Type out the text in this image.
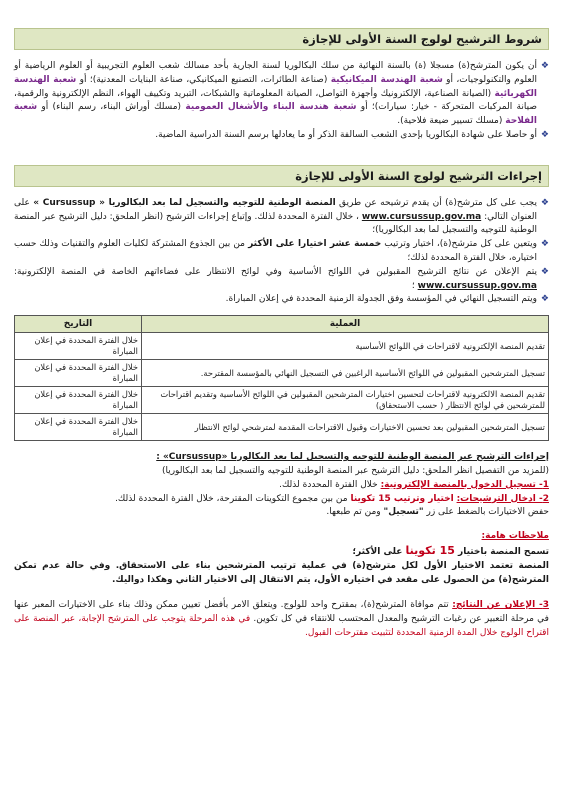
شروط الترشيح لولوج السنة الأولى للإجازة

❖
أن يكون المترشح(ة) مسجلا (ة) بالسنة النهائية من سلك البكالوريا لسنة الجارية بأحد مسالك شعب العلوم التجريبية أو العلوم الرياضية أو العلوم والتكنولوجيات، أو شعبة الهندسة الميكانيكية (صناعة الطائرات، التصنيع الميكانيكي، صناعة البنايات المعدنية)؛ أو شعبة الهندسة الكهربائية (الصيانة الصناعية، الإلكترونيك وأجهزة التواصل، الصيانة المعلوماتية والشبكات، التبريد وتكييف الهواء، النظم الإلكترونية والرقمية، صيانة المركبات المتحركة - خيار: سيارات)؛ أو شعبة هندسة البناء والأشغال العمومية (مسلك أوراش البناء، رسم البناء) أو شعبة الفلاحة (مسلك تسيير ضيعة فلاحية).

❖
أو حاصلا على شهادة البكالوريا بإحدى الشعب السالفة الذكر أو ما يعادلها برسم السنة الدراسية الماضية.

إجراءات الترشيح لولوج السنة الأولى للإجازة

❖
يجب على كل مترشح(ة) أن يقدم ترشيحه عن طريق المنصة الوطنية للتوجيه والتسجيل لما بعد البكالوريا « Cursussup » على العنوان التالي: www.cursussup.gov.ma ، خلال الفترة المحددة لذلك. وإتباع إجراءات الترشيح (انظر الملحق: دليل الترشيح عبر المنصة الوطنية للتوجيه والتسجيل لما بعد البكالوريا)؛

❖
ويتعين على كل مترشح(ة)، اختيار وترتيب خمسة عشر اختيارا على الأكثر من بين الجذوع المشتركة لكليات العلوم والتقنيات وذلك حسب اختياره، خلال الفترة المحددة لذلك؛

❖
يتم الإعلان عن نتائج الترشيح المقبولين في اللوائح الأساسية وفي لوائح الانتظار على فضاءاتهم الخاصة في المنصة الإلكترونية: www.cursussup.gov.ma ؛

❖
ويتم التسجيل النهائي في المؤسسة وفق الجدولة الزمنية المحددة في إعلان المباراة.

العملية	التاريخ
تقديم المنصة الإلكترونية لاقتراحات في اللوائح الأساسية	خلال الفترة المحددة في إعلان المباراة
تسجيل المترشحين المقبولين في اللوائح الأساسية الراغبين في التسجيل النهائي بالمؤسسة المقترحة.	خلال الفترة المحددة في إعلان المباراة
تقديم المنصة الالكترونية لاقتراحات لتحسين اختيارات المترشحين المقبولين في اللوائح الأساسية وتقديم اقتراحات للمترشحين في لوائح الانتظار ( حسب الاستحقاق)	خلال الفترة المحددة في إعلان المباراة
تسجيل المترشحين المقبولين بعد تحسين الاختيارات وقبول الاقتراحات المقدمة لمترشحي لوائح الانتظار	خلال الفترة المحددة في إعلان المباراة

إجراءات الترشيح عبر المنصة الوطنية للتوجيه والتسجيل لما بعد البكالوريا «Cursussup» :

(للمزيد من التفصيل انظر الملحق: دليل الترشيح عبر المنصة الوطنية للتوجيه والتسجيل لما بعد البكالوريا)

1- تسجيل الدخول بالمنصة الإلكترونية: خلال الفترة المحددة لذلك.

2- ادخال الترشيحات: اختيار وترتيب 15 تكوينا من بين مجموع التكوينات المقترحة، خلال الفترة المحددة لذلك.

حفض الاختيارات بالضغط على زر "تسجيل" ومن تم طبعها.

ملاحظات هامة:

تسمح المنصة باختيار 15 تكوينا على الأكثر؛

المنصة تعتمد الاختيار الأول لكل مترشح(ة) في عملية ترتيب المترشحين بناء على الاستحقاق. وفي حالة عدم تمكن المترشح(ة) من الحصول على مقعد في اختياره الأول، يتم الانتقال إلى الاختيار الثاني وهكذا دواليك.

3- الإعلان عن النتائج: تتم موافاة المترشح(ة)، بمقترح واحد للولوج. ويتعلق الامر بأفضل تعيين ممكن وذلك بناء على الاختيارات المعبر عنها في مرحلة التعبير عن رغبات الترشيح والمعدل المحتسب للانتقاء في كل تكوين. في هذه المرحلة يتوجب على المترشح الإجابة، عبر المنصة على اقتراح الولوج خلال المدة الزمنية المحددة لتثبيت مقترحات القبول.
